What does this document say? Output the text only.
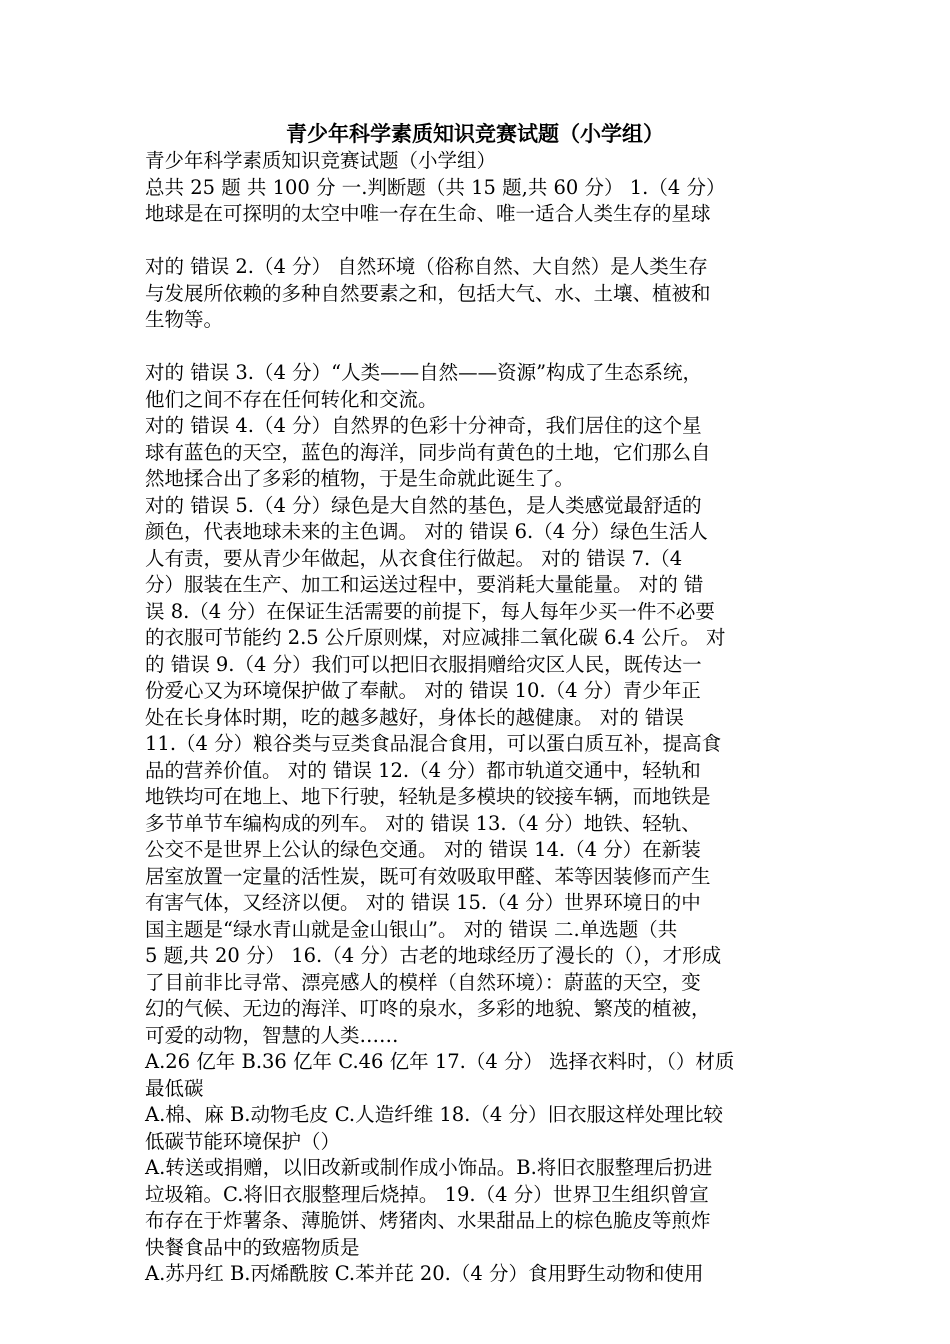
青少年科学素质知识竞赛试题（小学组）
青少年科学素质知识竞赛试题（小学组）
总共 25 题 共 100 分 一.判断题（共 15 题,共 60 分） 1.（4 分）
地球是在可探明的太空中唯一存在生命、唯一适合人类生存的星球
对的 错误 2.（4 分） 自然环境（俗称自然、大自然）是人类生存
与发展所依赖的多种自然要素之和，包括大气、水、土壤、植被和
生物等。
对的 错误 3.（4 分）“人类——自然——资源”构成了生态系统，
他们之间不存在任何转化和交流。
对的 错误 4.（4 分）自然界的色彩十分神奇，我们居住的这个星
球有蓝色的天空，蓝色的海洋，同步尚有黄色的土地，它们那么自
然地揉合出了多彩的植物，于是生命就此诞生了。
对的 错误 5.（4 分）绿色是大自然的基色，是人类感觉最舒适的
颜色，代表地球未来的主色调。 对的 错误 6.（4 分）绿色生活人
人有责，要从青少年做起，从衣食住行做起。 对的 错误 7.（4
分）服装在生产、加工和运送过程中，要消耗大量能量。 对的 错
误 8.（4 分）在保证生活需要的前提下，每人每年少买一件不必要
的衣服可节能约 2.5 公斤原则煤，对应减排二氧化碳 6.4 公斤。 对
的 错误 9.（4 分）我们可以把旧衣服捐赠给灾区人民，既传达一
份爱心又为环境保护做了奉献。 对的 错误 10.（4 分）青少年正
处在长身体时期，吃的越多越好，身体长的越健康。 对的 错误
11.（4 分）粮谷类与豆类食品混合食用，可以蛋白质互补，提高食
品的营养价值。 对的 错误 12.（4 分）都市轨道交通中，轻轨和
地铁均可在地上、地下行驶，轻轨是多模块的铰接车辆，而地铁是
多节单节车编构成的列车。 对的 错误 13.（4 分）地铁、轻轨、
公交不是世界上公认的绿色交通。 对的 错误 14.（4 分）在新装
居室放置一定量的活性炭，既可有效吸取甲醛、苯等因装修而产生
有害气体，又经济以便。 对的 错误 15.（4 分）世界环境日的中
国主题是“绿水青山就是金山银山”。 对的 错误 二.单选题（共
5 题,共 20 分） 16.（4 分）古老的地球经历了漫长的（），才形成
了目前非比寻常、漂亮感人的模样（自然环境）：蔚蓝的天空，变
幻的气候、无边的海洋、叮咚的泉水，多彩的地貌、繁茂的植被，
可爱的动物，智慧的人类……
A.26 亿年 B.36 亿年 C.46 亿年 17.（4 分） 选择衣料时，（）材质
最低碳
A.棉、麻 B.动物毛皮 C.人造纤维 18.（4 分）旧衣服这样处理比较
低碳节能环境保护（）
A.转送或捐赠，以旧改新或制作成小饰品。B.将旧衣服整理后扔进
垃圾箱。C.将旧衣服整理后烧掉。 19.（4 分）世界卫生组织曾宣
布存在于炸薯条、薄脆饼、烤猪肉、水果甜品上的棕色脆皮等煎炸
快餐食品中的致癌物质是
A.苏丹红 B.丙烯酰胺 C.苯并芘 20.（4 分）食用野生动物和使用
